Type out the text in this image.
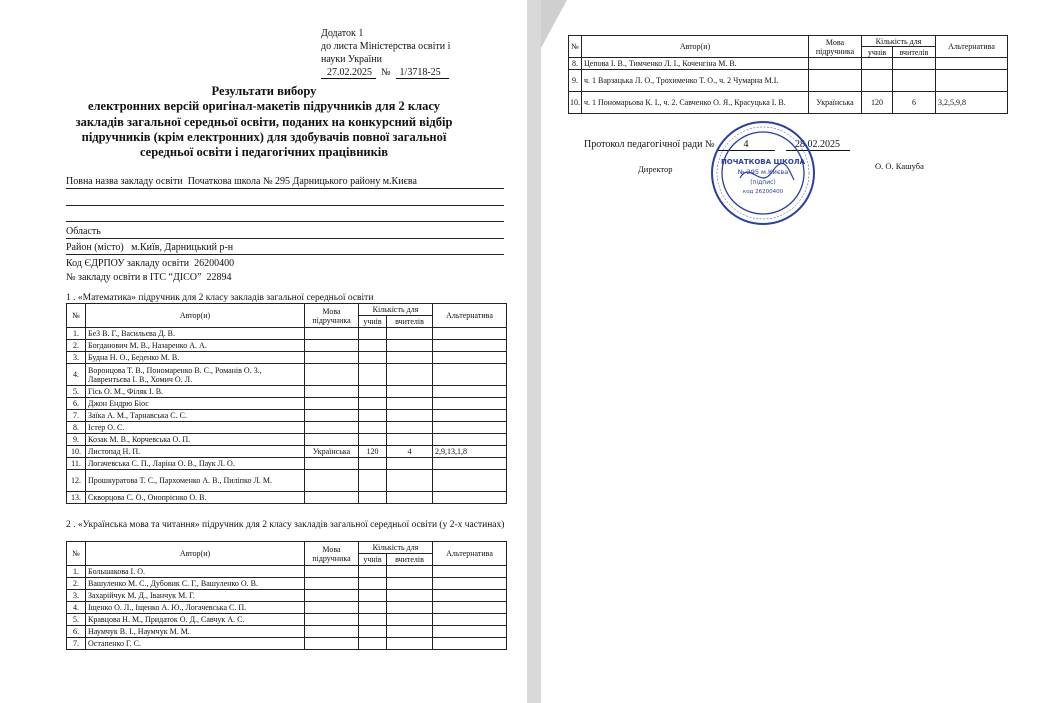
Додаток 1
до листа Міністерства освіти і
науки України
27.02.2025 № 1/3718-25
Результати вибору
електронних версій оригінал-макетів підручників для 2 класу
закладів загальної середньої освіти, поданих на конкурсний відбір
підручників (крім електронних) для здобувачів повної загальної
середньої освіти і педагогічних працівників
Повна назва закладу освіти Початкова школа № 295 Дарницького району м.Києва
Область
Район (місто) м.Київ, Дарницький р-н
Код ЄДРПОУ закладу освіти 26200400
№ закладу освіти в ІТС “ДІСО” 22894
1 . «Математика» підручник для 2 класу закладів загальної середньої освіти
№	Автор(и)	Мова підручника	Кількість для		Альтернатива
			учнів	вчителів	
1.	БеЗ В. Г., Васильєва Д. В.				
2.	Богданович М. В., Назаренко А. А.				
3.	Будна Н. О., Беденко М. В.				
4.	Воронцова Т. В., Пономаренко В. С., Романів О. З., Лаврентьєва І. В., Хомич О. Л.				
5.	Гісь О. М., Філяк І. В.				
6.	Джон Ендрю Біос				
7.	Заїка А. М., Тарнавська С. С.				
8.	Істер О. С.				
9.	Козак М. В., Корчевська О. П.				
10.	Листопад Н. П.	Українська	120	4	2,9,13,1,8
11.	Логачевська С. П., Ларіна О. В., Паук Л. О.				
12.	Прошкуратова Т. С., Пархоменко А. В., Пиліпко Л. М.				
13.	Скворцова С. О., Онопрієнко О. В.				
2 . «Українська мова та читання» підручник для 2 класу закладів загальної середньої освіти (у 2-х частинах)
№	Автор(и)	Мова підручника	Кількість для		Альтернатива
			учнів	вчителів	
1.	Большакова І. О.				
2.	Вашуленко М. С., Дубовик С. Г., Вашуленко О. В.				
3.	Захарійчук М. Д., Іванчук М. Г.				
4.	Іщенко О. Л., Іщенко А. Ю., Логачевська С. П.				
5.	Кравцова Н. М., Придаток О. Д., Савчук А. С.				
6.	Наумчук В. І., Наумчук М. М.				
7.	Остапенко Г. С.				
№	Автор(и)	Мова підручника	Кількість для		Альтернатива
			учнів	вчителів	
8.	Цепова І. В., Тимченко Л. І., Коченгіна М. В.				
9.	ч. 1 Варзацька Л. О., Трохименко Т. О., ч. 2 Чумарна М.І.				
10.	ч. 1 Пономарьова К. І., ч. 2. Савченко О. Я., Красуцька І. В.	Українська	120	6	3,2,5,9,8
Протокол педагогічної ради №	4	28.02.2025
Директор	О. О. Кашуба
ПОЧАТКОВА ШКОЛА
№ 295 м.Києва
(підпис)
код 26200400
